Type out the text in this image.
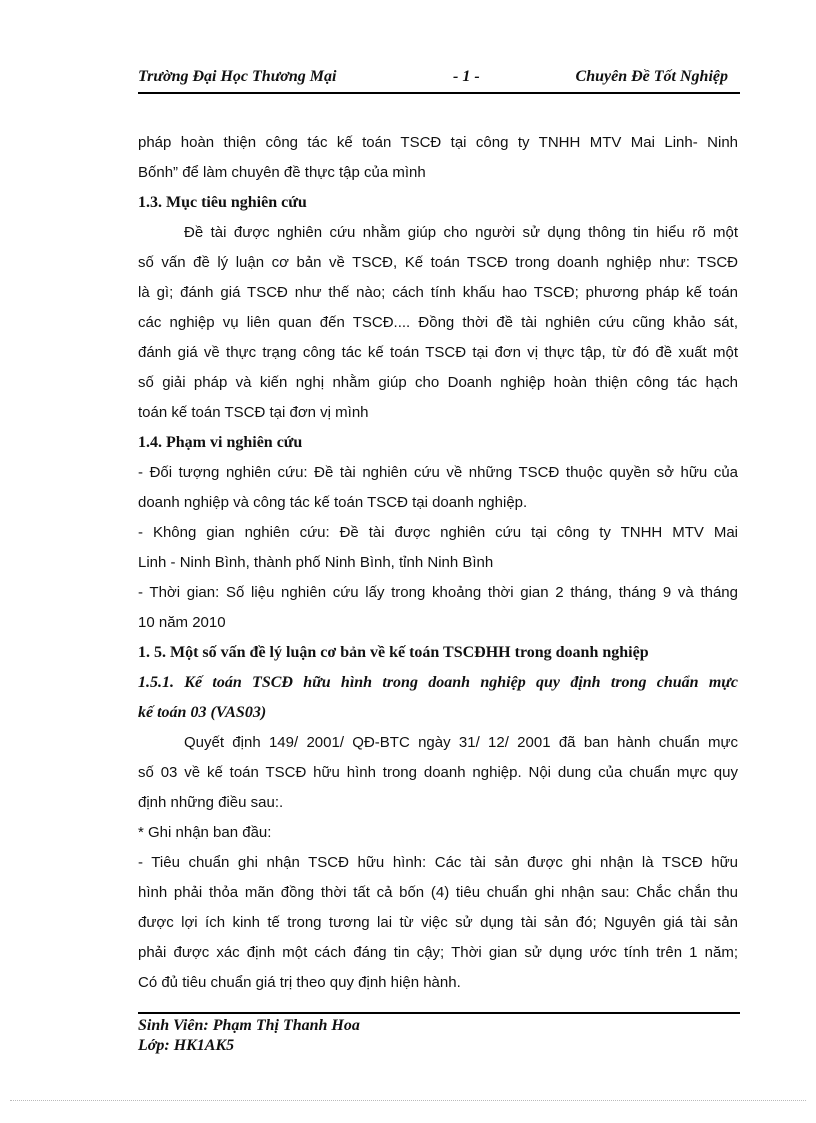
Trường Đại Học Thương Mại	- 1 -	Chuyên Đề Tốt Nghiệp
pháp hoàn thiện công tác kế toán TSCĐ tại công ty TNHH MTV Mai Linh- Ninh
Bốnh” để làm chuyên đề thực tập của mình
1.3. Mục tiêu nghiên cứu
Đề tài được nghiên cứu nhằm giúp cho người sử dụng thông tin hiểu rõ một
số vấn đề lý luận cơ bản về TSCĐ, Kế toán TSCĐ trong doanh nghiệp như: TSCĐ
là gì; đánh giá TSCĐ như thế nào; cách tính khấu hao TSCĐ; phương pháp kế toán
các nghiệp vụ liên quan đến TSCĐ.... Đồng thời đề tài nghiên cứu cũng khảo sát,
đánh giá về thực trạng công tác kế toán TSCĐ tại đơn vị thực tập, từ đó đề xuất một
số giải pháp và kiến nghị nhằm giúp cho Doanh nghiệp hoàn thiện công tác hạch
toán kế toán TSCĐ tại đơn vị mình
1.4. Phạm vi nghiên cứu
- Đối tượng nghiên cứu: Đề tài nghiên cứu về những TSCĐ thuộc quyền sở hữu của
doanh nghiệp và công tác kế toán TSCĐ tại doanh nghiệp.
- Không gian nghiên cứu: Đề tài được nghiên cứu tại công ty TNHH MTV Mai
Linh - Ninh Bình, thành phố Ninh Bình, tỉnh Ninh Bình
- Thời gian: Số liệu nghiên cứu lấy trong khoảng thời gian 2 tháng, tháng 9 và tháng
10 năm 2010
1. 5. Một số vấn đề lý luận cơ bản về kế toán TSCĐHH trong doanh nghiệp
1.5.1. Kế toán TSCĐ hữu hình trong doanh nghiệp quy định trong chuẩn mực
kế toán 03 (VAS03)
Quyết định 149/ 2001/ QĐ-BTC ngày 31/ 12/ 2001 đã ban hành chuẩn mực
số 03 về kế toán TSCĐ hữu hình trong doanh nghiệp. Nội dung của chuẩn mực quy
định những điều sau:.
* Ghi nhận ban đầu:
- Tiêu chuẩn ghi nhận TSCĐ hữu hình: Các tài sản được ghi nhận là TSCĐ hữu
hình phải thỏa mãn đồng thời tất cả bốn (4) tiêu chuẩn ghi nhận sau: Chắc chắn thu
được lợi ích kinh tế trong tương lai từ việc sử dụng tài sản đó; Nguyên giá tài sản
phải được xác định một cách đáng tin cậy; Thời gian sử dụng ước tính trên 1 năm;
Có đủ tiêu chuẩn giá trị theo quy định hiện hành.
Sinh Viên: Phạm Thị Thanh Hoa
Lớp: HK1AK5
